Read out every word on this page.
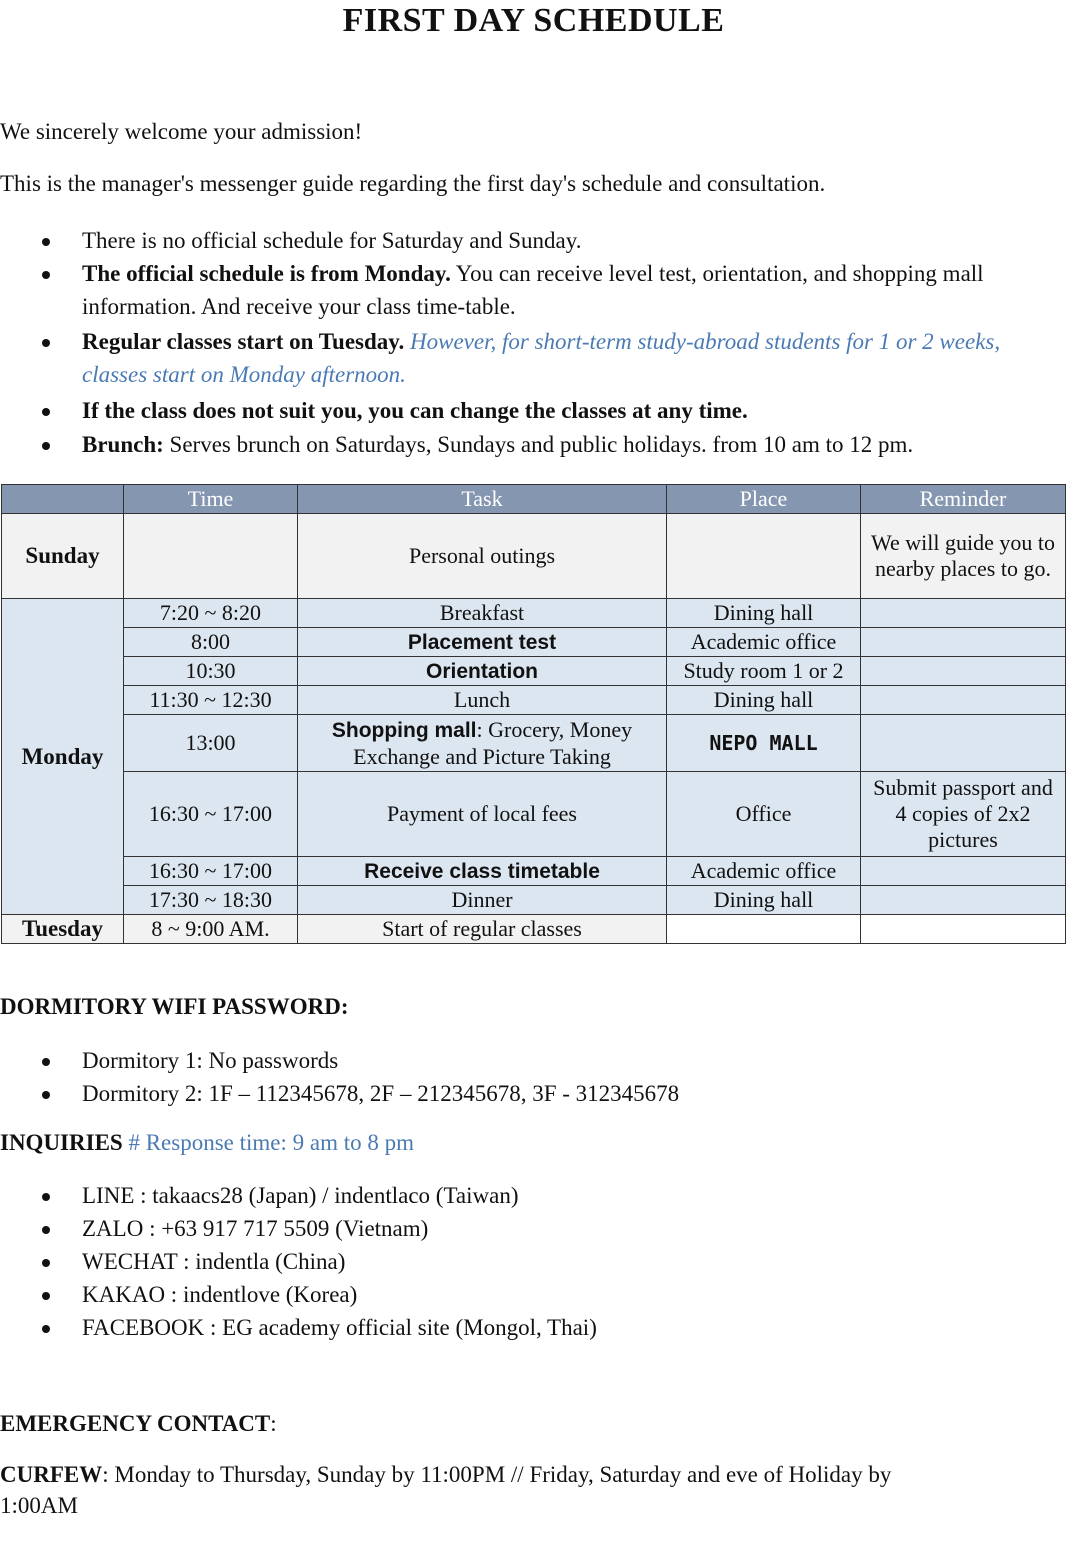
FIRST DAY SCHEDULE
We sincerely welcome your admission!
This is the manager's messenger guide regarding the first day's schedule and consultation.
There is no official schedule for Saturday and Sunday.
The official schedule is from Monday. You can receive level test, orientation, and shopping mall information. And receive your class time-table.
Regular classes start on Tuesday. However, for short-term study-abroad students for 1 or 2 weeks, classes start on Monday afternoon.
If the class does not suit you, you can change the classes at any time.
Brunch: Serves brunch on Saturdays, Sundays and public holidays. from 10 am to 12 pm.
	Time	Task	Place	Reminder
Sunday		Personal outings		We will guide you to nearby places to go.
Monday	7:20 ~ 8:20	Breakfast	Dining hall	
	8:00	Placement test	Academic office	
	10:30	Orientation	Study room 1 or 2	
	11:30 ~ 12:30	Lunch	Dining hall	
	13:00	Shopping mall: Grocery, Money Exchange and Picture Taking	NEPO MALL	
	16:30 ~ 17:00	Payment of local fees	Office	Submit passport and 4 copies of 2x2 pictures
	16:30 ~ 17:00	Receive class timetable	Academic office	
	17:30 ~ 18:30	Dinner	Dining hall	
Tuesday	8 ~ 9:00 AM.	Start of regular classes		
DORMITORY WIFI PASSWORD:
Dormitory 1: No passwords
Dormitory 2: 1F – 112345678, 2F – 212345678, 3F - 312345678
INQUIRIES # Response time: 9 am to 8 pm
LINE : takaacs28 (Japan) / indentlaco (Taiwan)
ZALO : +63 917 717 5509 (Vietnam)
WECHAT : indentla (China)
KAKAO : indentlove (Korea)
FACEBOOK : EG academy official site (Mongol, Thai)
EMERGENCY CONTACT:
CURFEW: Monday to Thursday, Sunday by 11:00PM // Friday, Saturday and eve of Holiday by
1:00AM
